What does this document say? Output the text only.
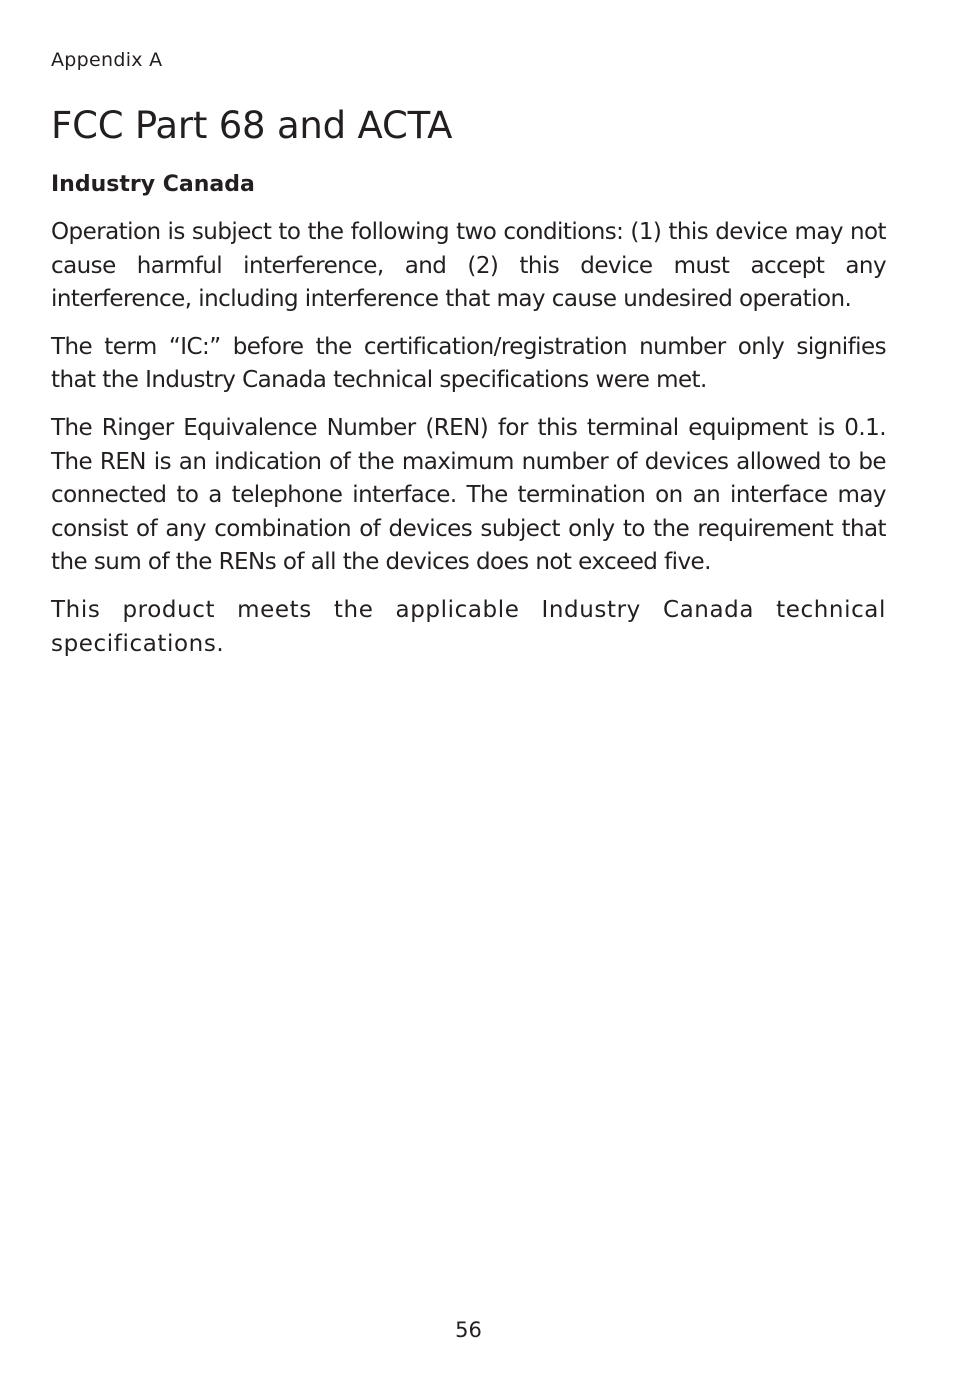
Appendix A
FCC Part 68 and ACTA
Industry Canada

Operation is subject to the following two conditions: (1) this device may not cause harmful interference, and (2) this device must accept any interference, including interference that may cause undesired operation.

The term “IC:” before the certification/registration number only signifies that the Industry Canada technical specifications were met.

The Ringer Equivalence Number (REN) for this terminal equipment is 0.1. The REN is an indication of the maximum number of devices allowed to be connected to a telephone interface. The termination on an interface may consist of any combination of devices subject only to the requirement that the sum of the RENs of all the devices does not exceed five.

This product meets the applicable Industry Canada technical specifications.

56
